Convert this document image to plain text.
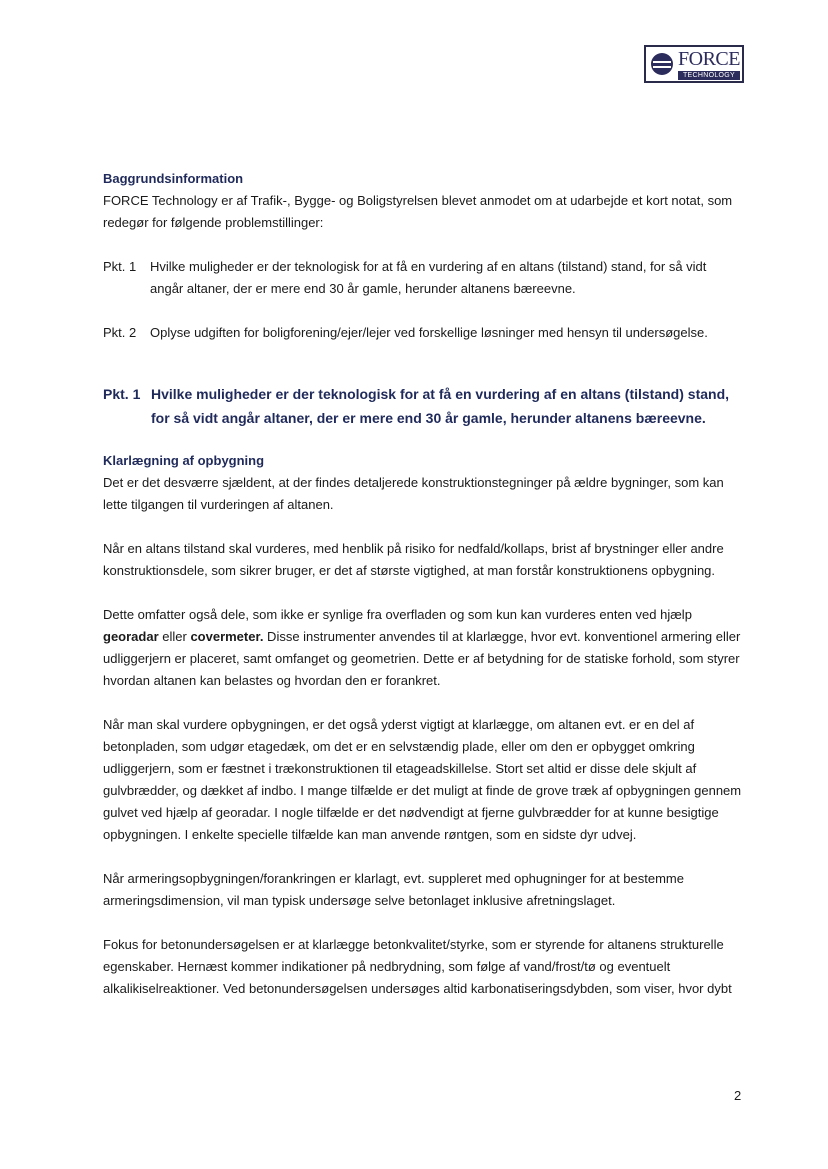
FORCE
TECHNOLOGY
Baggrundsinformation

FORCE Technology er af Trafik-, Bygge- og Boligstyrelsen blevet anmodet om at udarbejde et kort notat, som redegør for følgende problemstillinger:

Pkt. 1	Hvilke muligheder er der teknologisk for at få en vurdering af en altans (tilstand) stand, for så vidt angår altaner, der er mere end 30 år gamle, herunder altanens bæreevne.
Pkt. 2	Oplyse udgiften for boligforening/ejer/lejer ved forskellige løsninger med hensyn til undersøgelse.
Pkt. 1 Hvilke muligheder er der teknologisk for at få en vurdering af en altans (tilstand) stand, for så vidt angår altaner, der er mere end 30 år gamle, herunder altanens bæreevne.
Klarlægning af opbygning

Det er det desværre sjældent, at der findes detaljerede konstruktionstegninger på ældre bygninger, som kan lette tilgangen til vurderingen af altanen.

Når en altans tilstand skal vurderes, med henblik på risiko for nedfald/kollaps, brist af brystninger eller andre konstruktionsdele, som sikrer bruger, er det af største vigtighed, at man forstår konstruktionens opbygning.

Dette omfatter også dele, som ikke er synlige fra overfladen og som kun kan vurderes enten ved hjælp georadar eller covermeter. Disse instrumenter anvendes til at klarlægge, hvor evt. konventionel armering eller udliggerjern er placeret, samt omfanget og geometrien. Dette er af betydning for de statiske forhold, som styrer hvordan altanen kan belastes og hvordan den er forankret.

Når man skal vurdere opbygningen, er det også yderst vigtigt at klarlægge, om altanen evt. er en del af betonpladen, som udgør etagedæk, om det er en selvstændig plade, eller om den er opbygget omkring udliggerjern, som er fæstnet i trækonstruktionen til etageadskillelse. Stort set altid er disse dele skjult af gulvbrædder, og dækket af indbo. I mange tilfælde er det muligt at finde de grove træk af opbygningen gennem gulvet ved hjælp af georadar. I nogle tilfælde er det nødvendigt at fjerne gulvbrædder for at kunne besigtige opbygningen. I enkelte specielle tilfælde kan man anvende røntgen, som en sidste dyr udvej.

Når armeringsopbygningen/forankringen er klarlagt, evt. suppleret med ophugninger for at bestemme armeringsdimension, vil man typisk undersøge selve betonlaget inklusive afretningslaget.

Fokus for betonundersøgelsen er at klarlægge betonkvalitet/styrke, som er styrende for altanens strukturelle egenskaber. Hernæst kommer indikationer på nedbrydning, som følge af vand/frost/tø og eventuelt alkalikiselreaktioner. Ved betonundersøgelsen undersøges altid karbonatiseringsdybden, som viser, hvor dybt

2
